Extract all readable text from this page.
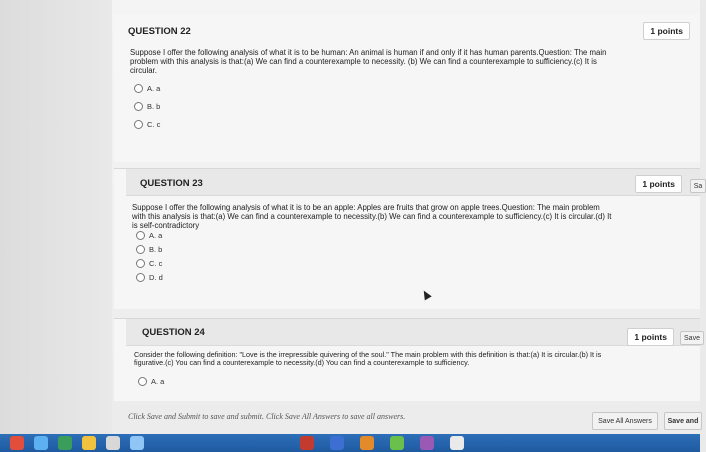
QUESTION 22	1 points
Suppose I offer the following analysis of what it is to be human: An animal is human if and only if it has human parents.Question: The main problem with this analysis is that:(a) We can find a counterexample to necessity. (b) We can find a counterexample to sufficiency.(c) It is circular.
A. a
B. b
C. c
QUESTION 23	1 points	Sa
Suppose I offer the following analysis of what it is to be an apple: Apples are fruits that grow on apple trees.Question: The main problem with this analysis is that:(a) We can find a counterexample to necessity.(b) We can find a counterexample to sufficiency.(c) It is circular.(d) It is self-contradictory
A. a
B. b
C. c
D. d
QUESTION 24	1 points	Save
Consider the following definition: "Love is the irrepressible quivering of the soul." The main problem with this definition is that:(a) It is circular.(b) It is figurative.(c) You can find a counterexample to necessity.(d) You can find a counterexample to sufficiency.
A. a
Click Save and Submit to save and submit. Click Save All Answers to save all answers.	Save All Answers	Save and
